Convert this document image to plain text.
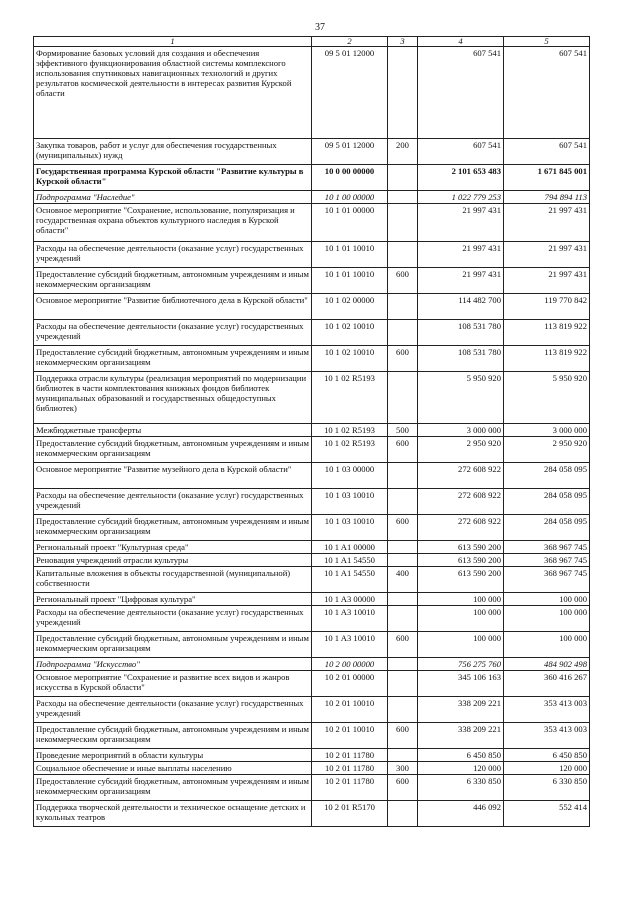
37
1	2	3	4	5
Формирование базовых условий для создания и обеспечения эффективного функционирования областной системы комплексного использования спутниковых навигационных технологий и других результатов космической деятельности в интересах развития Курской области	09 5 01 12000		607 541	607 541
Закупка товаров, работ и услуг для обеспечения государственных (муниципальных) нужд	09 5 01 12000	200	607 541	607 541
Государственная программа Курской области "Развитие культуры в Курской области"	10 0 00 00000		2 101 653 483	1 671 845 001
Подпрограмма "Наследие"	10 1 00 00000		1 022 779 253	794 894 113
Основное мероприятие "Сохранение, использование, популяризация и государственная охрана объектов культурного наследия в Курской области"	10 1 01 00000		21 997 431	21 997 431
Расходы на обеспечение деятельности (оказание услуг) государственных учреждений	10 1 01 10010		21 997 431	21 997 431
Предоставление субсидий бюджетным, автономным учреждениям и иным некоммерческим организациям	10 1 01 10010	600	21 997 431	21 997 431
Основное мероприятие "Развитие библиотечного дела в Курской области"	10 1 02 00000		114 482 700	119 770 842
Расходы на обеспечение деятельности (оказание услуг) государственных учреждений	10 1 02 10010		108 531 780	113 819 922
Предоставление субсидий бюджетным, автономным учреждениям и иным некоммерческим организациям	10 1 02 10010	600	108 531 780	113 819 922
Поддержка отрасли культуры (реализация мероприятий по модернизации библиотек в части комплектования книжных фондов библиотек муниципальных образований и государственных общедоступных библиотек)	10 1 02 R5193		5 950 920	5 950 920
Межбюджетные трансферты	10 1 02 R5193	500	3 000 000	3 000 000
Предоставление субсидий бюджетным, автономным учреждениям и иным некоммерческим организациям	10 1 02 R5193	600	2 950 920	2 950 920
Основное мероприятие "Развитие музейного дела в Курской области"	10 1 03 00000		272 608 922	284 058 095
Расходы на обеспечение деятельности (оказание услуг) государственных учреждений	10 1 03 10010		272 608 922	284 058 095
Предоставление субсидий бюджетным, автономным учреждениям и иным некоммерческим организациям	10 1 03 10010	600	272 608 922	284 058 095
Региональный проект "Культурная среда"	10 1 A1 00000		613 590 200	368 967 745
Реновация учреждений отрасли культуры	10 1 A1 54550		613 590 200	368 967 745
Капитальные вложения в объекты государственной (муниципальной) собственности	10 1 A1 54550	400	613 590 200	368 967 745
Региональный проект "Цифровая культура"	10 1 A3 00000		100 000	100 000
Расходы на обеспечение деятельности (оказание услуг) государственных учреждений	10 1 A3 10010		100 000	100 000
Предоставление субсидий бюджетным, автономным учреждениям и иным некоммерческим организациям	10 1 A3 10010	600	100 000	100 000
Подпрограмма "Искусство"	10 2 00 00000		756 275 760	484 902 498
Основное мероприятие "Сохранение и развитие всех видов и жанров искусства в Курской области"	10 2 01 00000		345 106 163	360 416 267
Расходы на обеспечение деятельности (оказание услуг) государственных учреждений	10 2 01 10010		338 209 221	353 413 003
Предоставление субсидий бюджетным, автономным учреждениям и иным некоммерческим организациям	10 2 01 10010	600	338 209 221	353 413 003
Проведение мероприятий в области культуры	10 2 01 11780		6 450 850	6 450 850
Социальное обеспечение и иные выплаты населению	10 2 01 11780	300	120 000	120 000
Предоставление субсидий бюджетным, автономным учреждениям и иным некоммерческим организациям	10 2 01 11780	600	6 330 850	6 330 850
Поддержка творческой деятельности и техническое оснащение детских и кукольных театров	10 2 01 R5170		446 092	552 414
